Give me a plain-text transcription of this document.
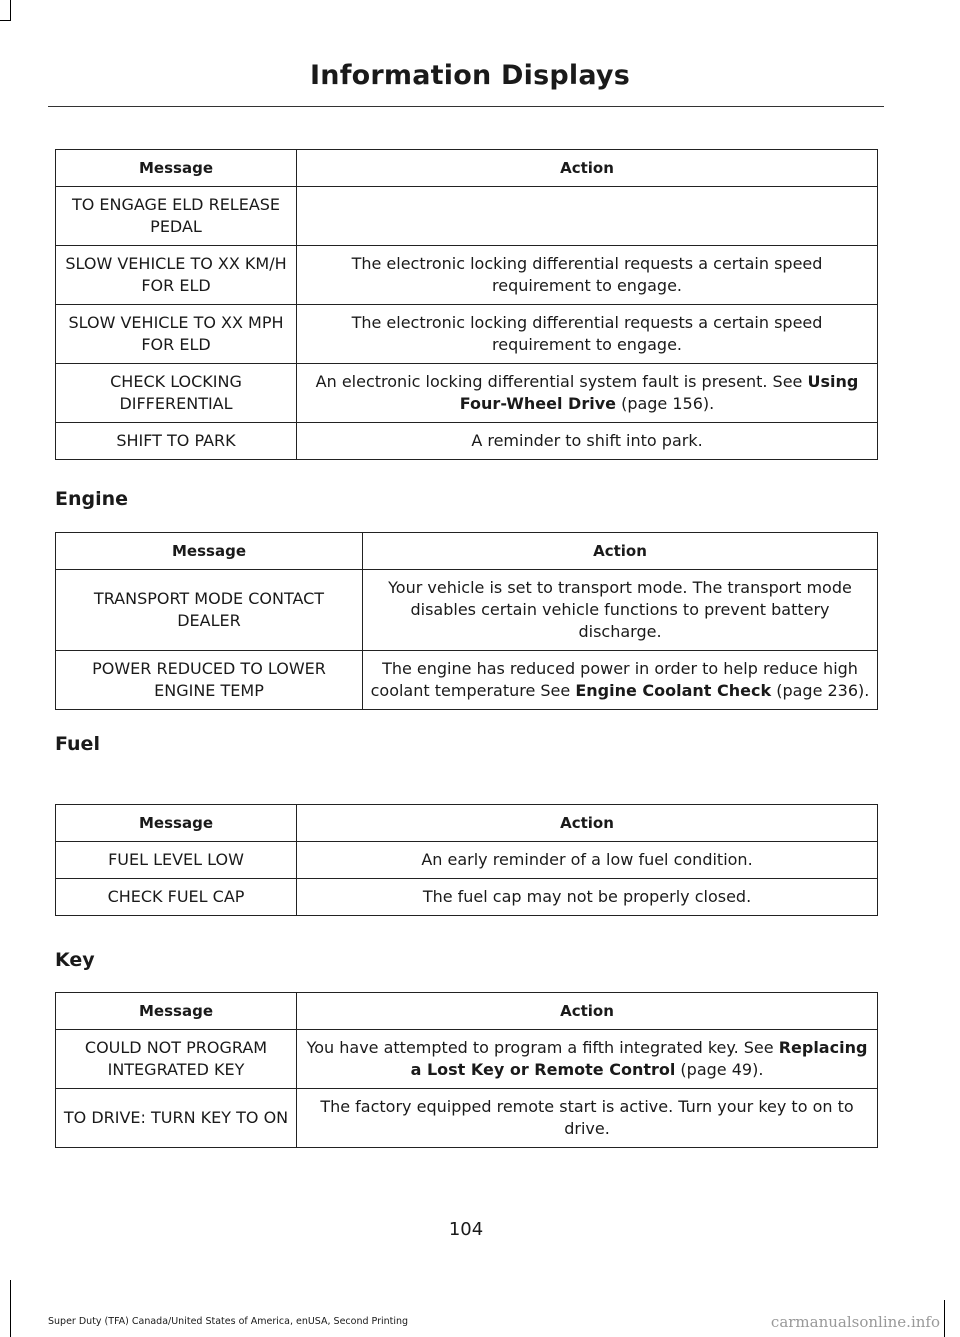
Information Displays
Message	Action
TO ENGAGE ELD RELEASE PEDAL	
SLOW VEHICLE TO XX KM/H FOR ELD	The electronic locking differential requests a certain speed requirement to engage.
SLOW VEHICLE TO XX MPH FOR ELD	The electronic locking differential requests a certain speed requirement to engage.
CHECK LOCKING DIFFERENTIAL	An electronic locking differential system fault is present. See Using Four-Wheel Drive (page 156).
SHIFT TO PARK	A reminder to shift into park.
Engine
Message	Action
TRANSPORT MODE CONTACT DEALER	Your vehicle is set to transport mode. The transport mode disables certain vehicle functions to prevent battery discharge.
POWER REDUCED TO LOWER ENGINE TEMP	The engine has reduced power in order to help reduce high coolant temperature See Engine Coolant Check (page 236).
Fuel
Message	Action
FUEL LEVEL LOW	An early reminder of a low fuel condition.
CHECK FUEL CAP	The fuel cap may not be properly closed.
Key
Message	Action
COULD NOT PROGRAM INTEGRATED KEY	You have attempted to program a fifth integrated key. See Replacing a Lost Key or Remote Control (page 49).
TO DRIVE: TURN KEY TO ON	The factory equipped remote start is active. Turn your key to on to drive.
104
Super Duty (TFA) Canada/United States of America, enUSA, Second Printing	carmanualsonline.info
